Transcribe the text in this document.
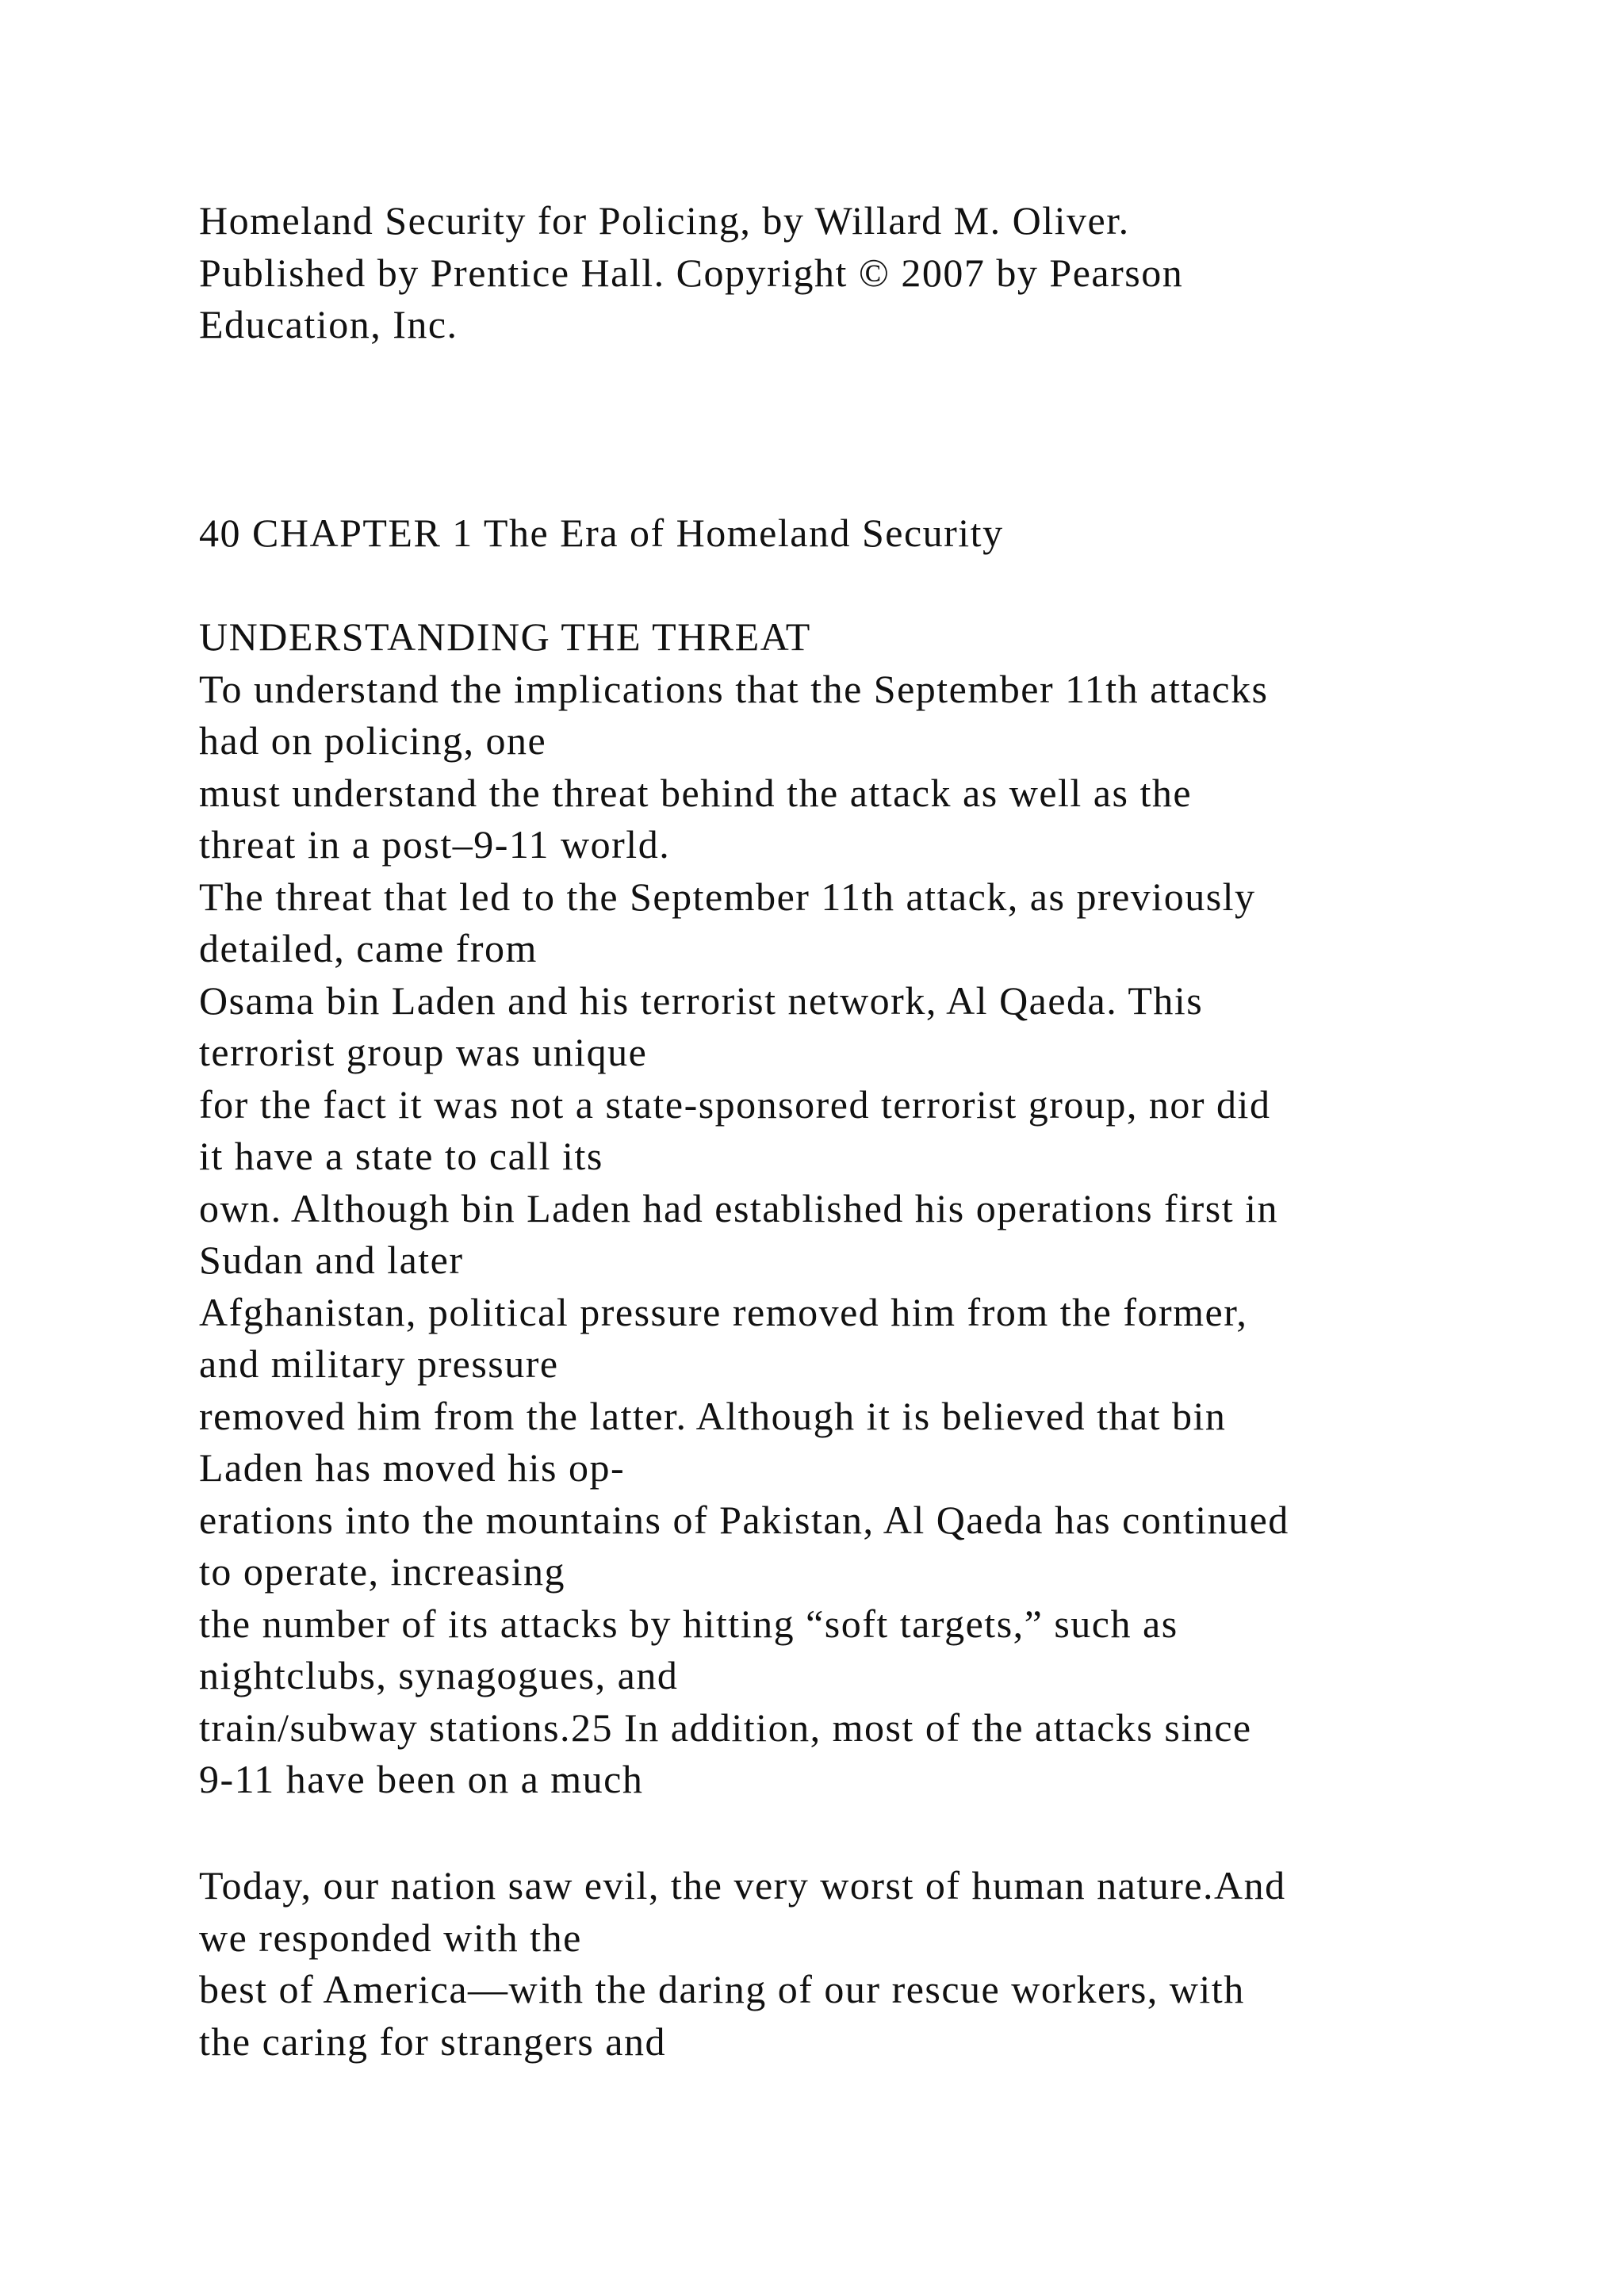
Homeland Security for Policing, by Willard M. Oliver.
Published by Prentice Hall. Copyright © 2007 by Pearson
Education, Inc.
40 CHAPTER 1 The Era of Homeland Security
UNDERSTANDING THE THREAT
To understand the implications that the September 11th attacks
had on policing, one
must understand the threat behind the attack as well as the
threat in a post–9-11 world.
The threat that led to the September 11th attack, as previously
detailed, came from
Osama bin Laden and his terrorist network, Al Qaeda. This
terrorist group was unique
for the fact it was not a state-sponsored terrorist group, nor did
it have a state to call its
own. Although bin Laden had established his operations first in
Sudan and later
Afghanistan, political pressure removed him from the former,
and military pressure
removed him from the latter. Although it is believed that bin
Laden has moved his op-
erations into the mountains of Pakistan, Al Qaeda has continued
to operate, increasing
the number of its attacks by hitting “soft targets,” such as
nightclubs, synagogues, and
train/subway stations.25 In addition, most of the attacks since
9-11 have been on a much
Today, our nation saw evil, the very worst of human nature.And
we responded with the
best of America—with the daring of our rescue workers, with
the caring for strangers and
